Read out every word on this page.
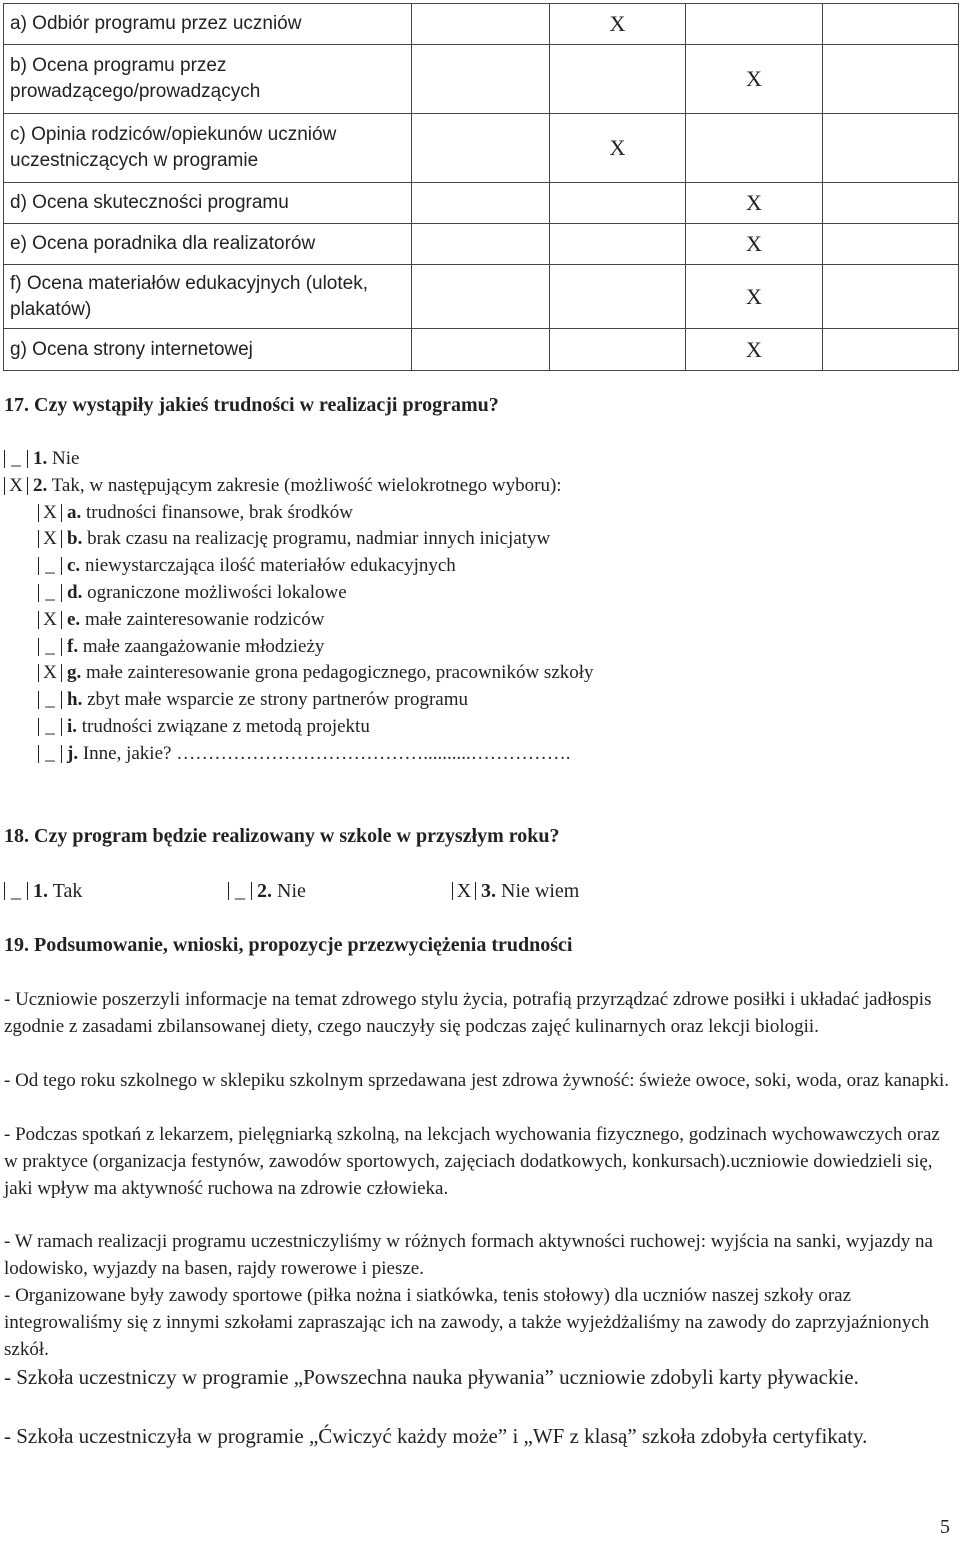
a) Odbiór programu przez uczniów		X		
b) Ocena programu przez prowadzącego/prowadzących			X	
c) Opinia rodziców/opiekunów uczniów uczestniczących w programie		X		
d) Ocena skuteczności programu			X	
e) Ocena poradnika dla realizatorów			X	
f) Ocena materiałów edukacyjnych (ulotek, plakatów)			X	
g) Ocena strony internetowej			X	
17. Czy wystąpiły jakieś trudności w realizacji programu?
_ 1. Nie
X 2. Tak, w następującym zakresie (możliwość wielokrotnego wyboru):
X a. trudności finansowe, brak środków
X b. brak czasu na realizację programu, nadmiar innych inicjatyw
_ c. niewystarczająca ilość materiałów edukacyjnych
_ d. ograniczone możliwości lokalowe
X e. małe zainteresowanie rodziców
_ f. małe zaangażowanie młodzieży
X g. małe zainteresowanie grona pedagogicznego, pracowników szkoły
_ h. zbyt małe wsparcie ze strony partnerów programu
_ i. trudności związane z metodą projektu
_ j. Inne, jakie? …………………………………..........…………….
18. Czy program będzie realizowany w szkole w przyszłym roku?
_ 1. Tak	_ 2. Nie	X 3. Nie wiem
19. Podsumowanie, wnioski, propozycje przezwyciężenia trudności

- Uczniowie poszerzyli informacje na temat zdrowego stylu życia, potrafią przyrządzać zdrowe posiłki i układać jadłospis zgodnie z zasadami zbilansowanej diety, czego nauczyły się podczas zajęć kulinarnych oraz lekcji biologii.

- Od tego roku szkolnego w sklepiku szkolnym sprzedawana jest zdrowa żywność: świeże owoce, soki, woda, oraz kanapki.

- Podczas spotkań z lekarzem, pielęgniarką szkolną, na lekcjach wychowania fizycznego, godzinach wychowawczych oraz w praktyce (organizacja festynów, zawodów sportowych, zajęciach dodatkowych, konkursach).uczniowie dowiedzieli się, jaki wpływ ma aktywność ruchowa na zdrowie człowieka.

- W ramach realizacji programu uczestniczyliśmy w różnych formach aktywności ruchowej: wyjścia na sanki, wyjazdy na lodowisko, wyjazdy na basen, rajdy rowerowe i piesze.

- Organizowane były zawody sportowe (piłka nożna i siatkówka, tenis stołowy) dla uczniów naszej szkoły oraz integrowaliśmy się z innymi szkołami zapraszając ich na zawody, a także wyjeżdżaliśmy na zawody do zaprzyjaźnionych szkół.

- Szkoła uczestniczy w programie „Powszechna nauka pływania” uczniowie zdobyli karty pływackie.

- Szkoła uczestniczyła w programie „Ćwiczyć każdy może” i „WF z klasą” szkoła zdobyła certyfikaty.

5
